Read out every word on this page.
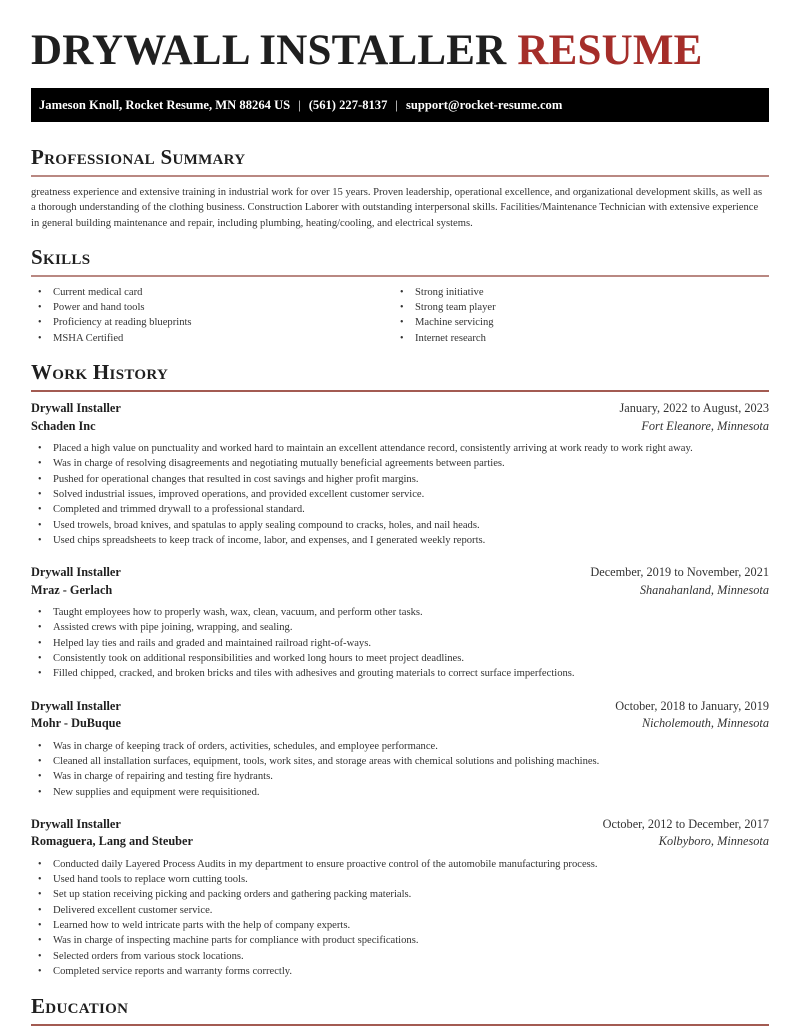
DRYWALL INSTALLER RESUME
Jameson Knoll, Rocket Resume, MN 88264 US | (561) 227-8137 | support@rocket-resume.com
Professional Summary

greatness experience and extensive training in industrial work for over 15 years. Proven leadership, operational excellence, and organizational development skills, as well as a thorough understanding of the clothing business. Construction Laborer with outstanding interpersonal skills. Facilities/Maintenance Technician with extensive experience in general building maintenance and repair, including plumbing, heating/cooling, and electrical systems.

Skills
• Current medical card
• Power and hand tools
• Proficiency at reading blueprints
• MSHA Certified
• Strong initiative
• Strong team player
• Machine servicing
• Internet research
Work History
Drywall Installer	January, 2022 to August, 2023
Schaden Inc	Fort Eleanore, Minnesota
• Placed a high value on punctuality and worked hard to maintain an excellent attendance record, consistently arriving at work ready to work right away.
• Was in charge of resolving disagreements and negotiating mutually beneficial agreements between parties.
• Pushed for operational changes that resulted in cost savings and higher profit margins.
• Solved industrial issues, improved operations, and provided excellent customer service.
• Completed and trimmed drywall to a professional standard.
• Used trowels, broad knives, and spatulas to apply sealing compound to cracks, holes, and nail heads.
• Used chips spreadsheets to keep track of income, labor, and expenses, and I generated weekly reports.
Drywall Installer	December, 2019 to November, 2021
Mraz - Gerlach	Shanahanland, Minnesota
• Taught employees how to properly wash, wax, clean, vacuum, and perform other tasks.
• Assisted crews with pipe joining, wrapping, and sealing.
• Helped lay ties and rails and graded and maintained railroad right-of-ways.
• Consistently took on additional responsibilities and worked long hours to meet project deadlines.
• Filled chipped, cracked, and broken bricks and tiles with adhesives and grouting materials to correct surface imperfections.
Drywall Installer	October, 2018 to January, 2019
Mohr - DuBuque	Nicholemouth, Minnesota
• Was in charge of keeping track of orders, activities, schedules, and employee performance.
• Cleaned all installation surfaces, equipment, tools, work sites, and storage areas with chemical solutions and polishing machines.
• Was in charge of repairing and testing fire hydrants.
• New supplies and equipment were requisitioned.
Drywall Installer	October, 2012 to December, 2017
Romaguera, Lang and Steuber	Kolbyboro, Minnesota
• Conducted daily Layered Process Audits in my department to ensure proactive control of the automobile manufacturing process.
• Used hand tools to replace worn cutting tools.
• Set up station receiving picking and packing orders and gathering packing materials.
• Delivered excellent customer service.
• Learned how to weld intricate parts with the help of company experts.
• Was in charge of inspecting machine parts for compliance with product specifications.
• Selected orders from various stock locations.
• Completed service reports and warranty forms correctly.
Education
